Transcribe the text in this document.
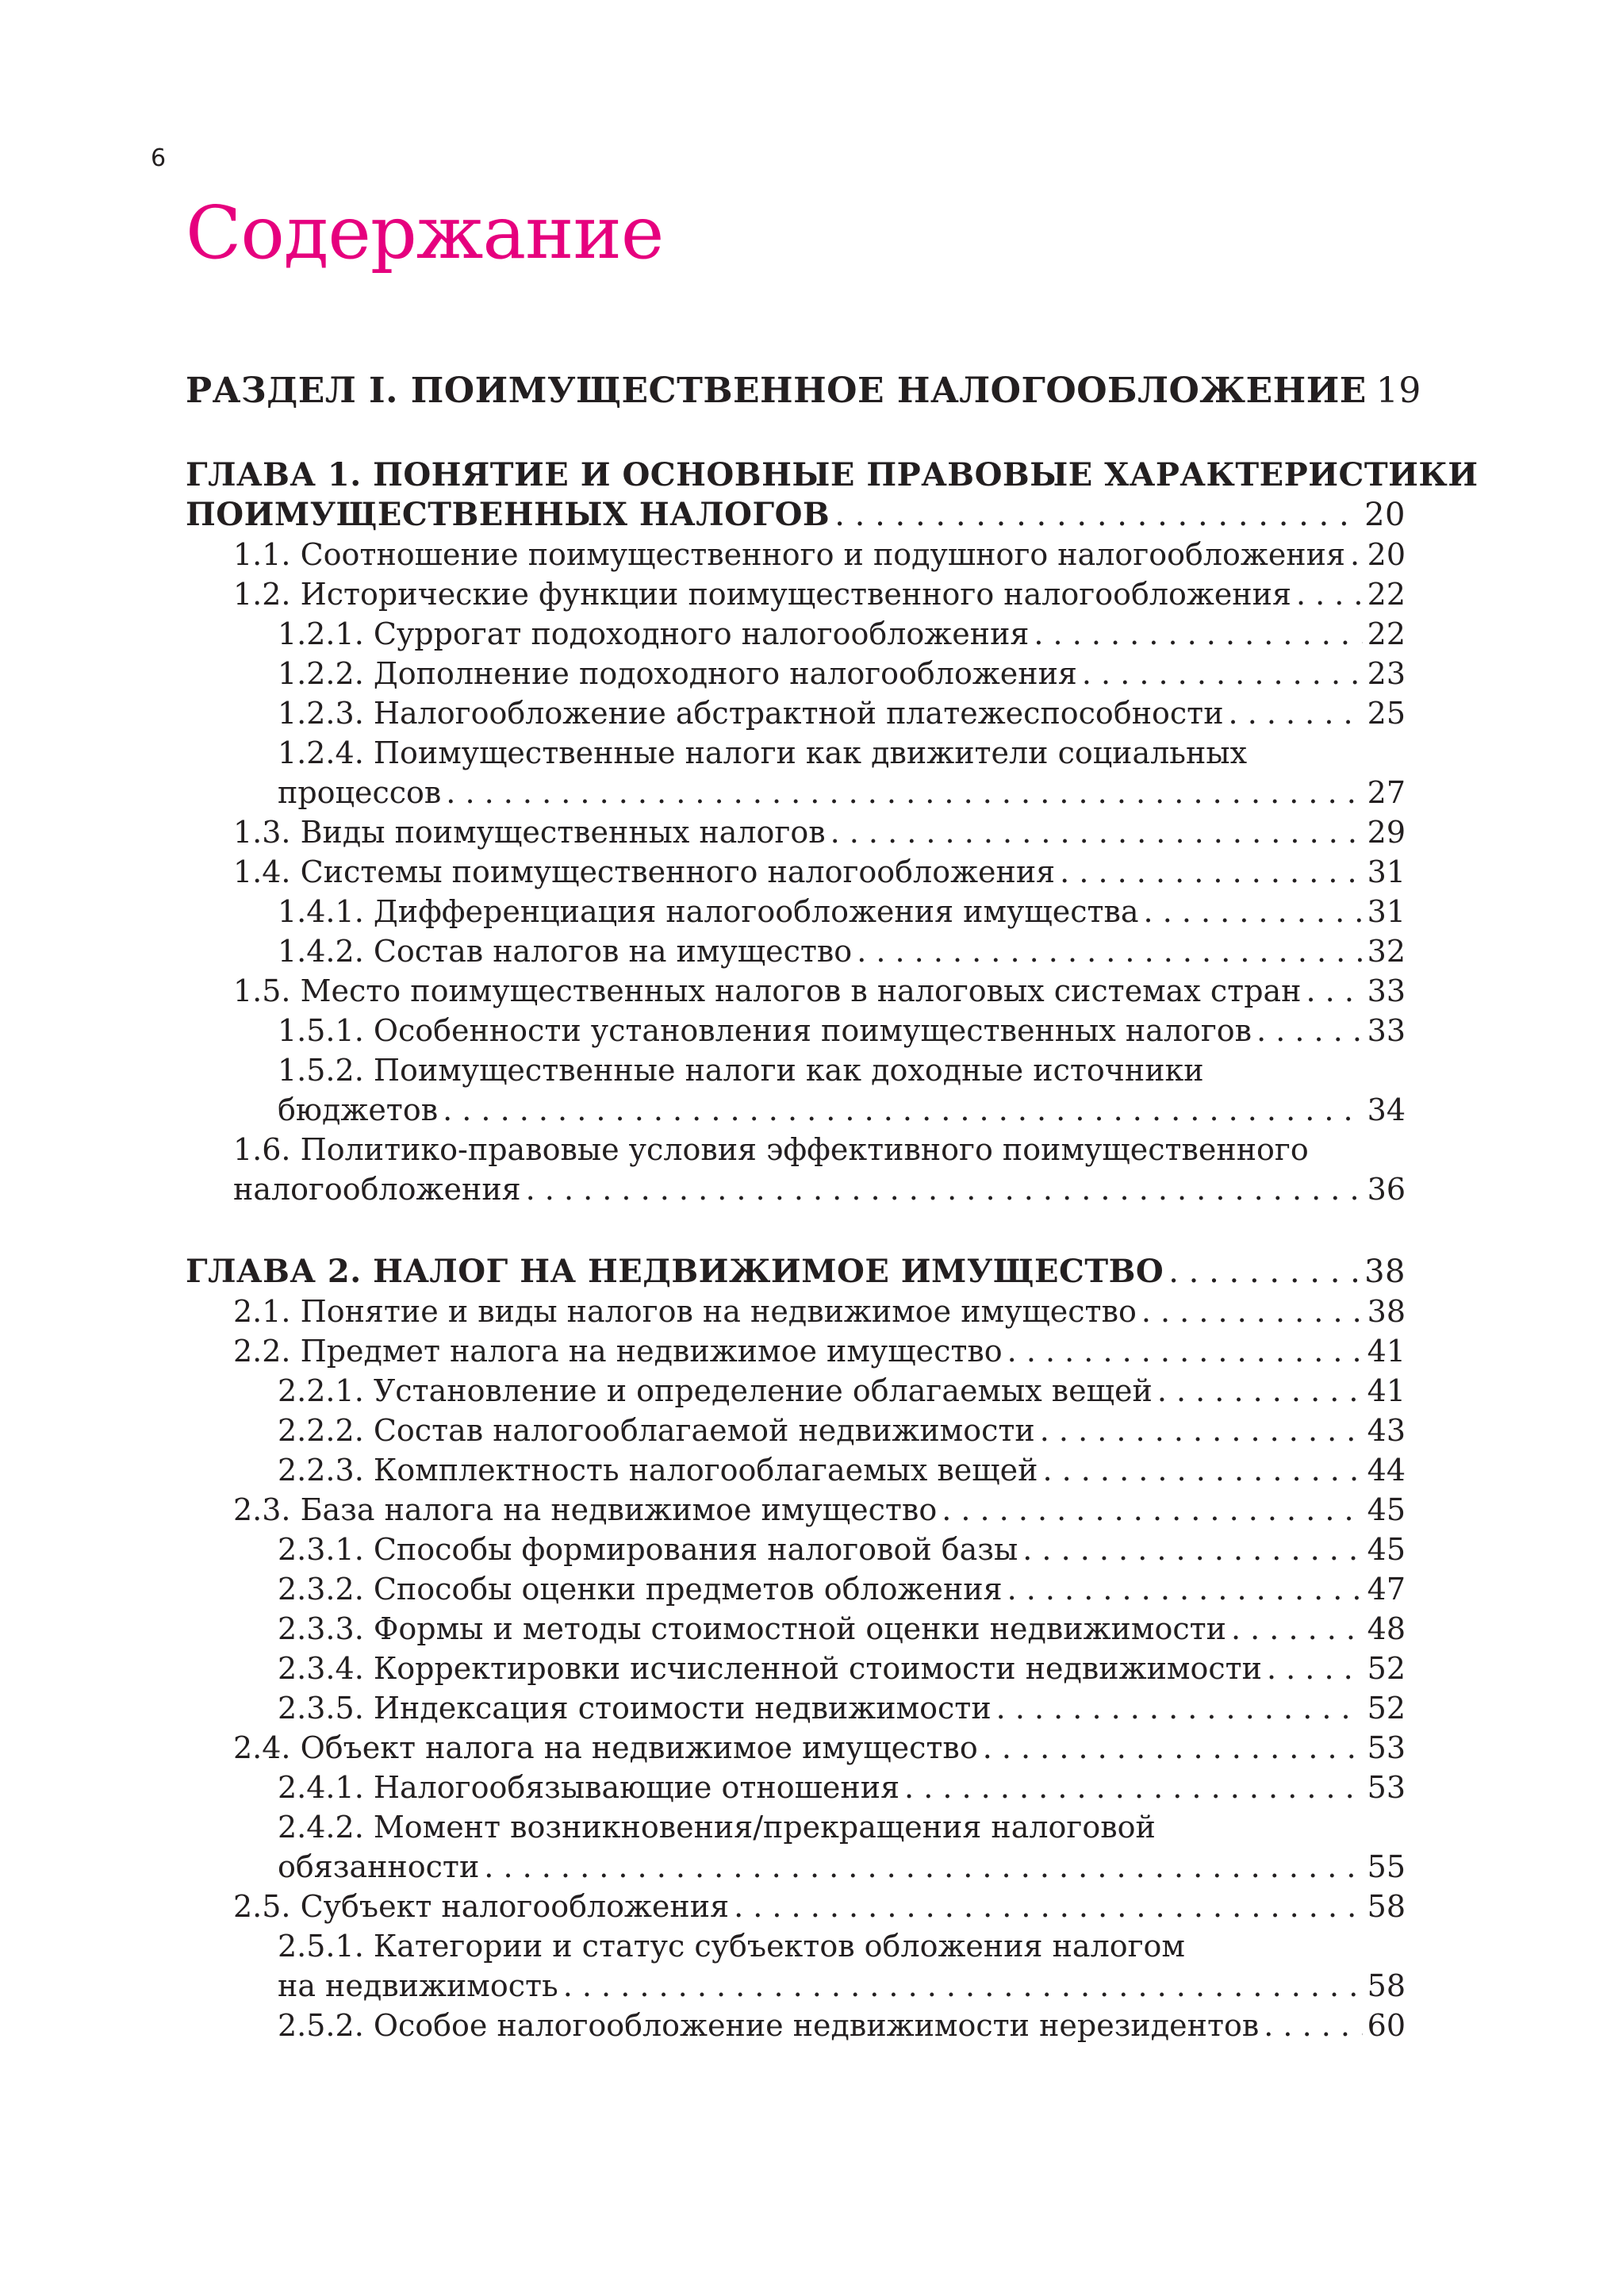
6
Содержание
РАЗДЕЛ I. ПОИМУЩЕСТВЕННОЕ НАЛОГООБЛОЖЕНИЕ 19
ГЛАВА 1. ПОНЯТИЕ И ОСНОВНЫЕ ПРАВОВЫЕ ХАРАКТЕРИСТИКИ
ПОИМУЩЕСТВЕННЫХ НАЛОГОВ . . .	20
1.1. Соотношение поимущественного и подушного налогообложения . . . 20
1.2. Исторические функции поимущественного налогообложения . . .	22
1.2.1. Суррогат подоходного налогообложения . . .	22
1.2.2. Дополнение подоходного налогообложения . . .	23
1.2.3. Налогообложение абстрактной платежеспособности . . .	25
1.2.4. Поимущественные налоги как движители социальных
процессов . . .	27
1.3. Виды поимущественных налогов . . .	29
1.4. Системы поимущественного налогообложения . . .	31
1.4.1. Дифференциация налогообложения имущества . . .	31
1.4.2. Состав налогов на имущество . . .	32
1.5. Место поимущественных налогов в налоговых системах стран . . . 33
1.5.1. Особенности установления поимущественных налогов . . .	33
1.5.2. Поимущественные налоги как доходные источники
бюджетов . . .	34
1.6. Политико-правовые условия эффективного поимущественного
налогообложения . . .	36
ГЛАВА 2. НАЛОГ НА НЕДВИЖИМОЕ ИМУЩЕСТВО . . .	38
2.1. Понятие и виды налогов на недвижимое имущество . . .	38
2.2. Предмет налога на недвижимое имущество . . .	41
2.2.1. Установление и определение облагаемых вещей . . .	41
2.2.2. Состав налогооблагаемой недвижимости . . .	43
2.2.3. Комплектность налогооблагаемых вещей . . .	44
2.3. База налога на недвижимое имущество . . .	45
2.3.1. Способы формирования налоговой базы . . .	45
2.3.2. Способы оценки предметов обложения . . .	47
2.3.3. Формы и методы стоимостной оценки недвижимости . . .	48
2.3.4. Корректировки исчисленной стоимости недвижимости . . .	52
2.3.5. Индексация стоимости недвижимости . . .	52
2.4. Объект налога на недвижимое имущество . . .	53
2.4.1. Налогообязывающие отношения . . .	53
2.4.2. Момент возникновения/прекращения налоговой
обязанности . . .	55
2.5. Субъект налогообложения . . .	58
2.5.1. Категории и статус субъектов обложения налогом
на недвижимость . . .	58
2.5.2. Особое налогообложение недвижимости нерезидентов . . .	60
